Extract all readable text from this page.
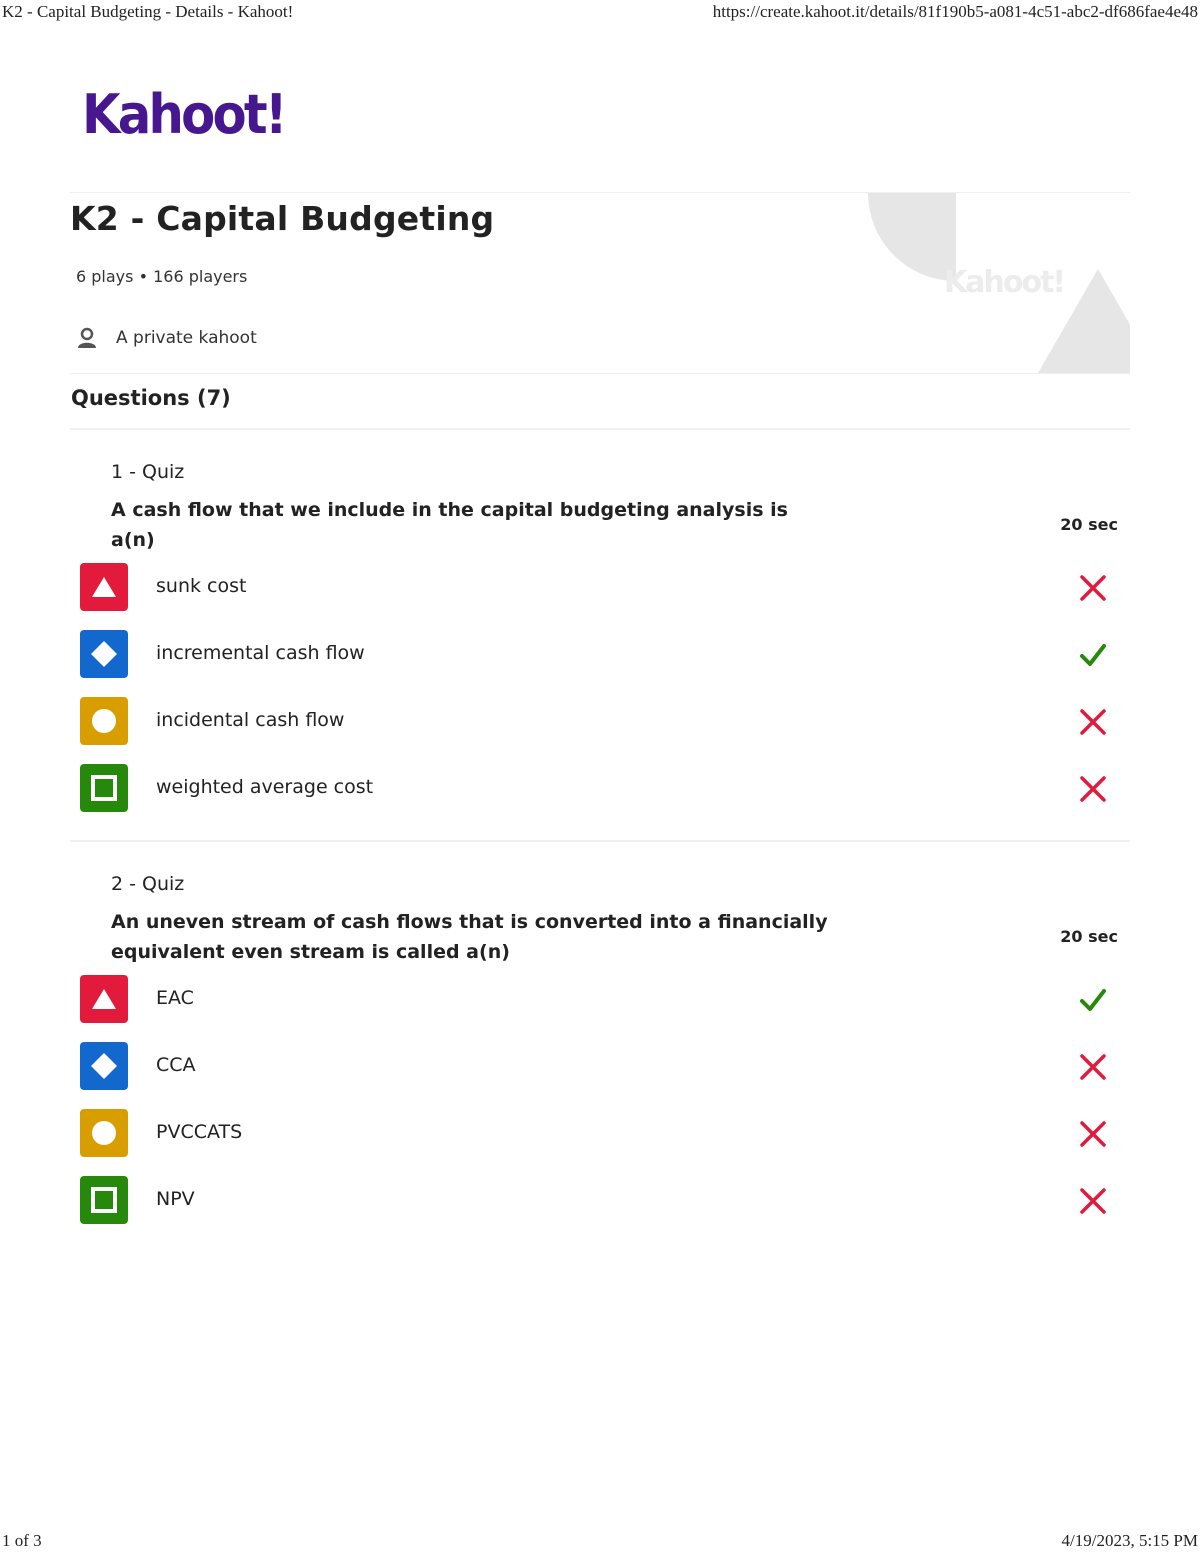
K2 - Capital Budgeting - Details - Kahoot!	https://create.kahoot.it/details/81f190b5-a081-4c51-abc2-df686fae4e48
Kahoot!
Kahoot!
K2 - Capital Budgeting
6 plays • 166 players
A private kahoot
Questions (7)
1 - Quiz

A cash flow that we include in the capital budgeting analysis is a(n)

20 sec
sunk cost
incremental cash flow
incidental cash flow
weighted average cost
2 - Quiz

An uneven stream of cash flows that is converted into a financially equivalent even stream is called a(n)

20 sec
EAC
CCA
PVCCATS
NPV
1 of 3	4/19/2023, 5:15 PM
